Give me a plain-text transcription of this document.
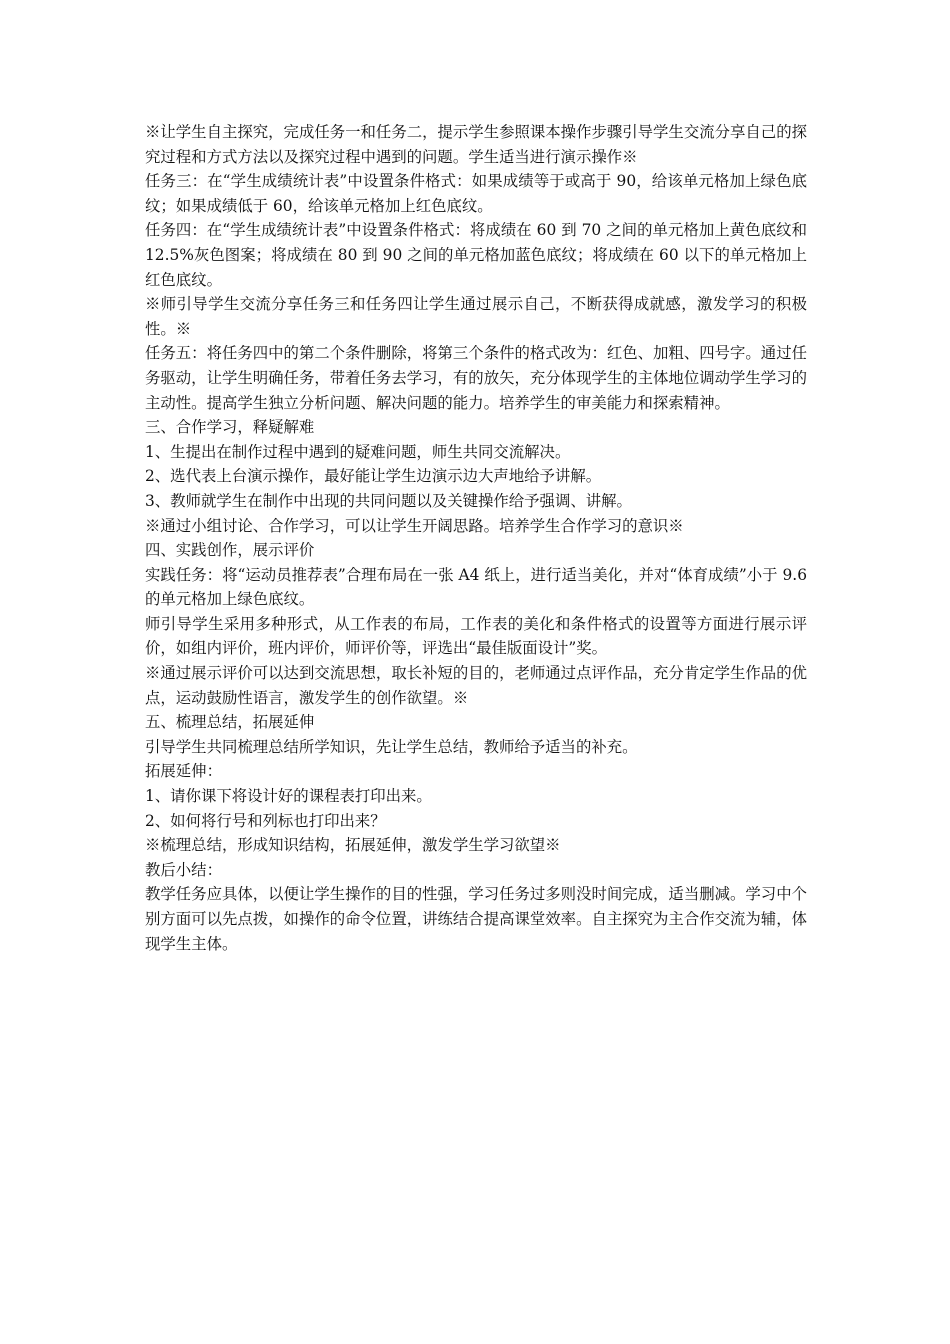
※让学生自主探究，完成任务一和任务二，提示学生参照课本操作步骤引导学生交流分享自己的探究过程和方式方法以及探究过程中遇到的问题。学生适当进行演示操作※

任务三：在“学生成绩统计表”中设置条件格式：如果成绩等于或高于 90，给该单元格加上绿色底纹；如果成绩低于 60，给该单元格加上红色底纹。

任务四：在“学生成绩统计表”中设置条件格式：将成绩在 60 到 70 之间的单元格加上黄色底纹和 12.5%灰色图案；将成绩在 80 到 90 之间的单元格加蓝色底纹；将成绩在 60 以下的单元格加上红色底纹。

※师引导学生交流分享任务三和任务四让学生通过展示自己，不断获得成就感，激发学习的积极性。※

任务五：将任务四中的第二个条件删除，将第三个条件的格式改为：红色、加粗、四号字。通过任务驱动，让学生明确任务，带着任务去学习，有的放矢，充分体现学生的主体地位调动学生学习的主动性。提高学生独立分析问题、解决问题的能力。培养学生的审美能力和探索精神。

三、合作学习，释疑解难

1、生提出在制作过程中遇到的疑难问题，师生共同交流解决。

2、选代表上台演示操作，最好能让学生边演示边大声地给予讲解。

3、教师就学生在制作中出现的共同问题以及关键操作给予强调、讲解。

※通过小组讨论、合作学习，可以让学生开阔思路。培养学生合作学习的意识※

四、实践创作，展示评价

实践任务：将“运动员推荐表”合理布局在一张 A4 纸上，进行适当美化，并对“体育成绩”小于 9.6 的单元格加上绿色底纹。

师引导学生采用多种形式，从工作表的布局，工作表的美化和条件格式的设置等方面进行展示评价，如组内评价，班内评价，师评价等，评选出“最佳版面设计”奖。

※通过展示评价可以达到交流思想，取长补短的目的，老师通过点评作品，充分肯定学生作品的优点，运动鼓励性语言，激发学生的创作欲望。※

五、梳理总结，拓展延伸

引导学生共同梳理总结所学知识，先让学生总结，教师给予适当的补充。

拓展延伸：

1、请你课下将设计好的课程表打印出来。

2、如何将行号和列标也打印出来？

※梳理总结，形成知识结构，拓展延伸，激发学生学习欲望※

教后小结：

教学任务应具体，以便让学生操作的目的性强，学习任务过多则没时间完成，适当删减。学习中个别方面可以先点拨，如操作的命令位置，讲练结合提高课堂效率。自主探究为主合作交流为辅，体现学生主体。
